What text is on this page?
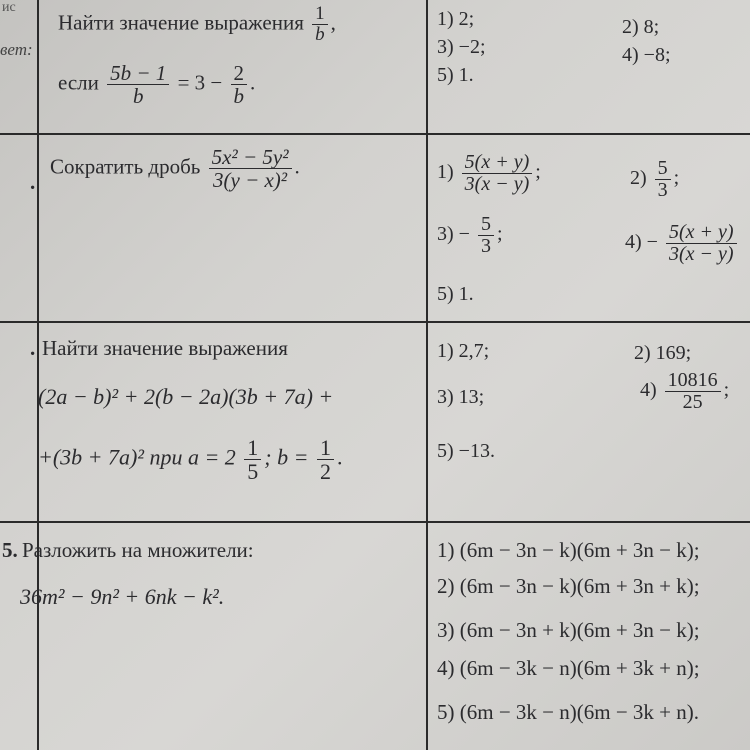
ис
вет:
Найти значение выражения $\frac{1}{b}$ ,
если $\frac{5b - 1}{b} = 3 - \frac{2}{b}$ .
1) 2;	2) 8;
3) −2;	4) −8;
5) 1.
.
Сократить дробь $\frac{\text{5x² − 5y²}}{\text{3(y − x)²}}$ .	$1) \frac{5(x + y)}{3(x - y)}$ ;	$2) \frac{5}{3}$ ;
$3) - \frac{5}{3}$ ;	$4) - \frac{5(x + y)}{3(x - y)}$
5) 1.
. Найти значение выражения
(2a − b)² + 2(b − 2a)(3b + 7a) +
+(3b + 7a)² при $a = 2 \frac{1}{5}$ ; $b = \frac{1}{2}$ .
1) 2,7;	2) 169;
3) 13;	$4) \frac{10816}{25}$ ;
5) −13.
5. Разложить на множители:
36m² − 9n² + 6nk − k².
1) (6m − 3n − k)(6m + 3n − k);
2) (6m − 3n − k)(6m + 3n + k);
3) (6m − 3n + k)(6m + 3n − k);
4) (6m − 3k − n)(6m + 3k + n);
5) (6m − 3k − n)(6m − 3k + n).
